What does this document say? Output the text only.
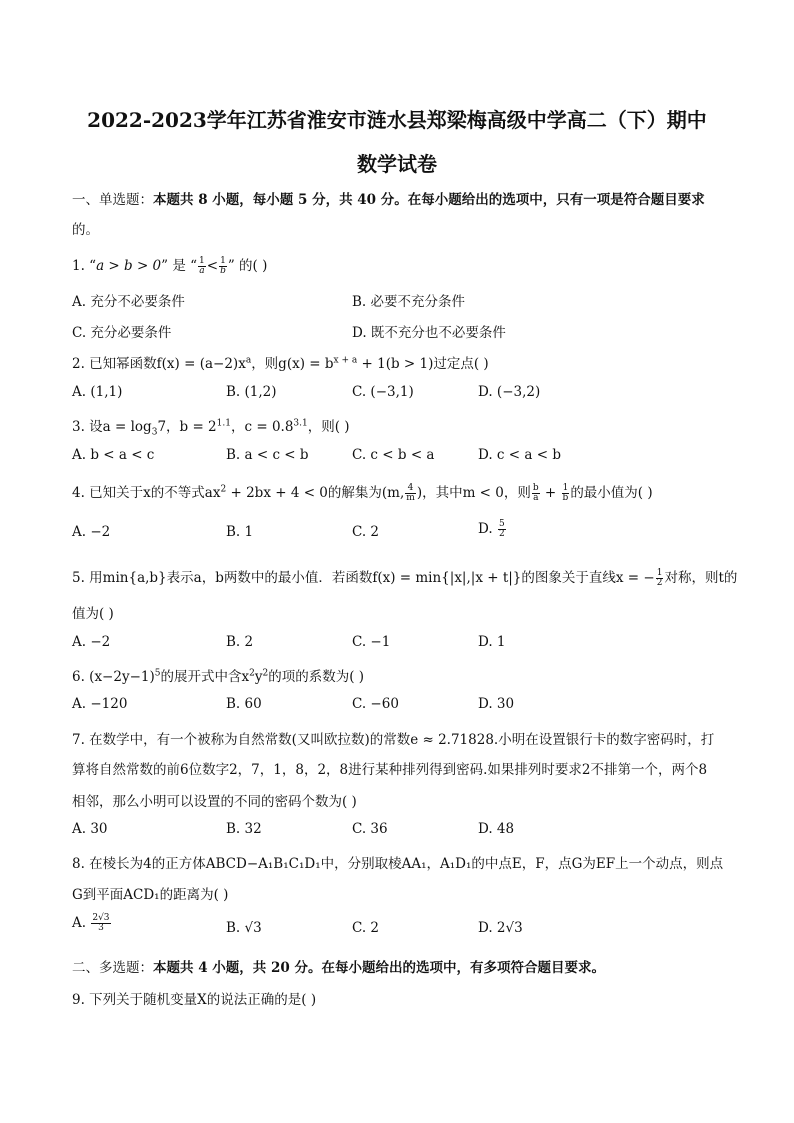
2022-2023学年江苏省淮安市涟水县郑梁梅高级中学高二（下）期中
数学试卷
一、单选题：本题共 8 小题，每小题 5 分，共 40 分。在每小题给出的选项中，只有一项是符合题目要求
的。
1. “a > b > 0” 是 “ $\frac{1}{a} < \frac{1}{b}$ ” 的( )
A. 充分不必要条件	B. 必要不充分条件
C. 充分必要条件	D. 既不充分也不必要条件
2. 已知幂函数$f(x) = (a-2)x^a$，则$g(x) = b^{x + a} + 1(b > 1)$过定点( )
A. (1,1)	B. (1,2)	C. (−3,1)	D. (−3,2)
3. 设$a = \log_37$，$b = 2^{1.1}$，$c = 0.8^{3.1}$，则( )
A. b < a < c	B. a < c < b	C. c < b < a	D. c < a < b
4. 已知关于x的不等式$ax^2 + 2bx + 4 < 0$的解集为(m, $\frac{4}{m}$ )，其中m < 0，则 $\frac{b}{a} + \frac{1}{b}$ 的最小值为( )
A. −2	B. 1	C. 2	D. $\frac{5}{2}$
5. 用min{a,b}表示a，b两数中的最小值．若函数f(x) = min{|x|,|x + t|}的图象关于直线x = − $\frac{1}{2}$ 对称，则t的
值为( )
A. −2	B. 2	C. −1	D. 1
6. $(x-2y-1)^5$的展开式中含$x^2y^2$的项的系数为( )
A. −120	B. 60	C. −60	D. 30
7. 在数学中，有一个被称为自然常数(又叫欧拉数)的常数e ≈ 2.71828.小明在设置银行卡的数字密码时，打
算将自然常数的前6位数字2，7，1，8，2，8进行某种排列得到密码.如果排列时要求2不排第一个，两个8
相邻，那么小明可以设置的不同的密码个数为( )
A. 30	B. 32	C. 36	D. 48
8. 在棱长为4的正方体ABCD−A₁B₁C₁D₁中，分别取棱AA₁，A₁D₁的中点E，F，点G为EF上一个动点，则点
G到平面ACD₁的距离为( )
A. $\frac{2√3}{3}$	B. √3	C. 2	D. 2√3
二、多选题：本题共 4 小题，共 20 分。在每小题给出的选项中，有多项符合题目要求。
9. 下列关于随机变量X的说法正确的是( )
